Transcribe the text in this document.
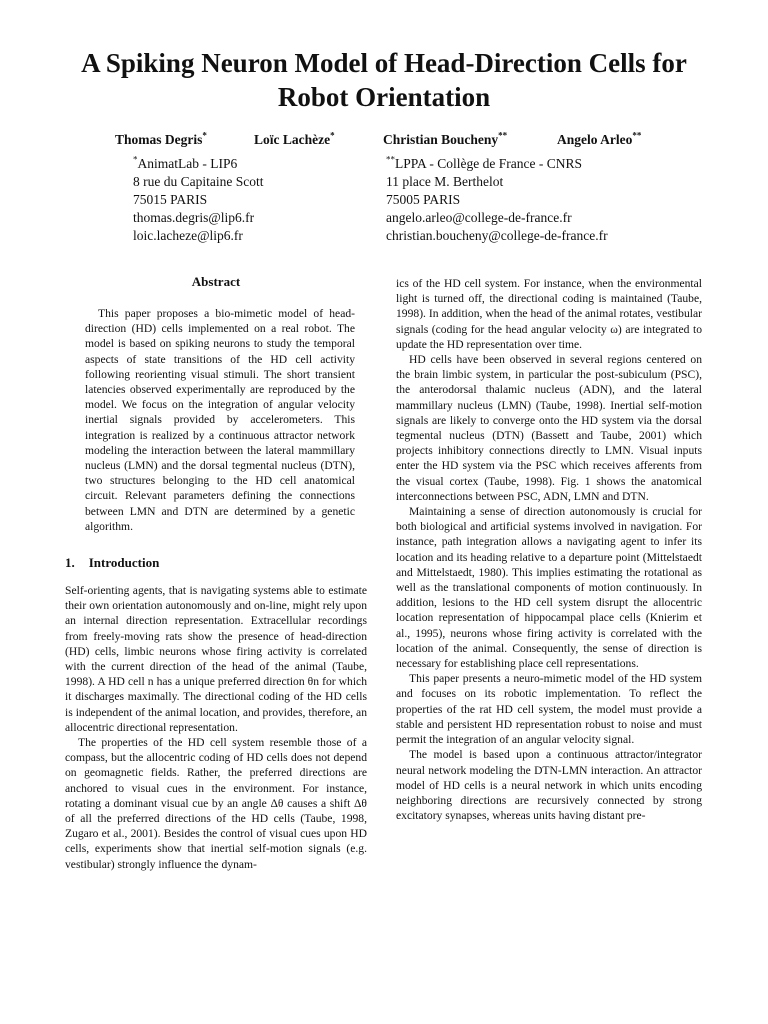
A Spiking Neuron Model of Head-Direction Cells for
Robot Orientation
Thomas Degris*	Loïc Lachèze*	Christian Boucheny**	Angelo Arleo**
*AnimatLab - LIP6
8 rue du Capitaine Scott
75015 PARIS
thomas.degris@lip6.fr
loic.lacheze@lip6.fr
**LPPA - Collège de France - CNRS
11 place M. Berthelot
75005 PARIS
angelo.arleo@college-de-france.fr
christian.boucheny@college-de-france.fr
Abstract

This paper proposes a bio-mimetic model of head-direction (HD) cells implemented on a real robot. The model is based on spiking neurons to study the temporal aspects of state transitions of the HD cell activity following reorienting visual stimuli. The short transient latencies observed experimentally are reproduced by the model. We focus on the integration of angular velocity inertial signals provided by accelerometers. This integration is realized by a continuous attractor network modeling the interaction between the lateral mammillary nucleus (LMN) and the dorsal tegmental nucleus (DTN), two structures belonging to the HD cell anatomical circuit. Relevant parameters defining the connections between LMN and DTN are determined by a genetic algorithm.

1. Introduction

Self-orienting agents, that is navigating systems able to estimate their own orientation autonomously and on-line, might rely upon an internal direction representation. Extracellular recordings from freely-moving rats show the presence of head-direction (HD) cells, limbic neurons whose firing activity is correlated with the current direction of the head of the animal (Taube, 1998). A HD cell n has a unique preferred direction θn for which it discharges maximally. The directional coding of the HD cells is independent of the animal location, and provides, therefore, an allocentric directional representation.

The properties of the HD cell system resemble those of a compass, but the allocentric coding of HD cells does not depend on geomagnetic fields. Rather, the preferred directions are anchored to visual cues in the environment. For instance, rotating a dominant visual cue by an angle Δθ causes a shift Δθ of all the preferred directions of the HD cells (Taube, 1998, Zugaro et al., 2001). Besides the control of visual cues upon HD cells, experiments show that inertial self-motion signals (e.g. vestibular) strongly influence the dynam-

ics of the HD cell system. For instance, when the environmental light is turned off, the directional coding is maintained (Taube, 1998). In addition, when the head of the animal rotates, vestibular signals (coding for the head angular velocity ω) are integrated to update the HD representation over time.

HD cells have been observed in several regions centered on the brain limbic system, in particular the post-subiculum (PSC), the anterodorsal thalamic nucleus (ADN), and the lateral mammillary nucleus (LMN) (Taube, 1998). Inertial self-motion signals are likely to converge onto the HD system via the dorsal tegmental nucleus (DTN) (Bassett and Taube, 2001) which projects inhibitory connections directly to LMN. Visual inputs enter the HD system via the PSC which receives afferents from the visual cortex (Taube, 1998). Fig. 1 shows the anatomical interconnections between PSC, ADN, LMN and DTN.

Maintaining a sense of direction autonomously is crucial for both biological and artificial systems involved in navigation. For instance, path integration allows a navigating agent to infer its location and its heading relative to a departure point (Mittelstaedt and Mittelstaedt, 1980). This implies estimating the rotational as well as the translational components of motion continuously. In addition, lesions to the HD cell system disrupt the allocentric location representation of hippocampal place cells (Knierim et al., 1995), neurons whose firing activity is correlated with the location of the animal. Consequently, the sense of direction is necessary for establishing place cell representations.

This paper presents a neuro-mimetic model of the HD system and focuses on its robotic implementation. To reflect the properties of the rat HD cell system, the model must provide a stable and persistent HD representation robust to noise and must permit the integration of an angular velocity signal.

The model is based upon a continuous attractor/integrator neural network modeling the DTN-LMN interaction. An attractor model of HD cells is a neural network in which units encoding neighboring directions are recursively connected by strong excitatory synapses, whereas units having distant pre-
